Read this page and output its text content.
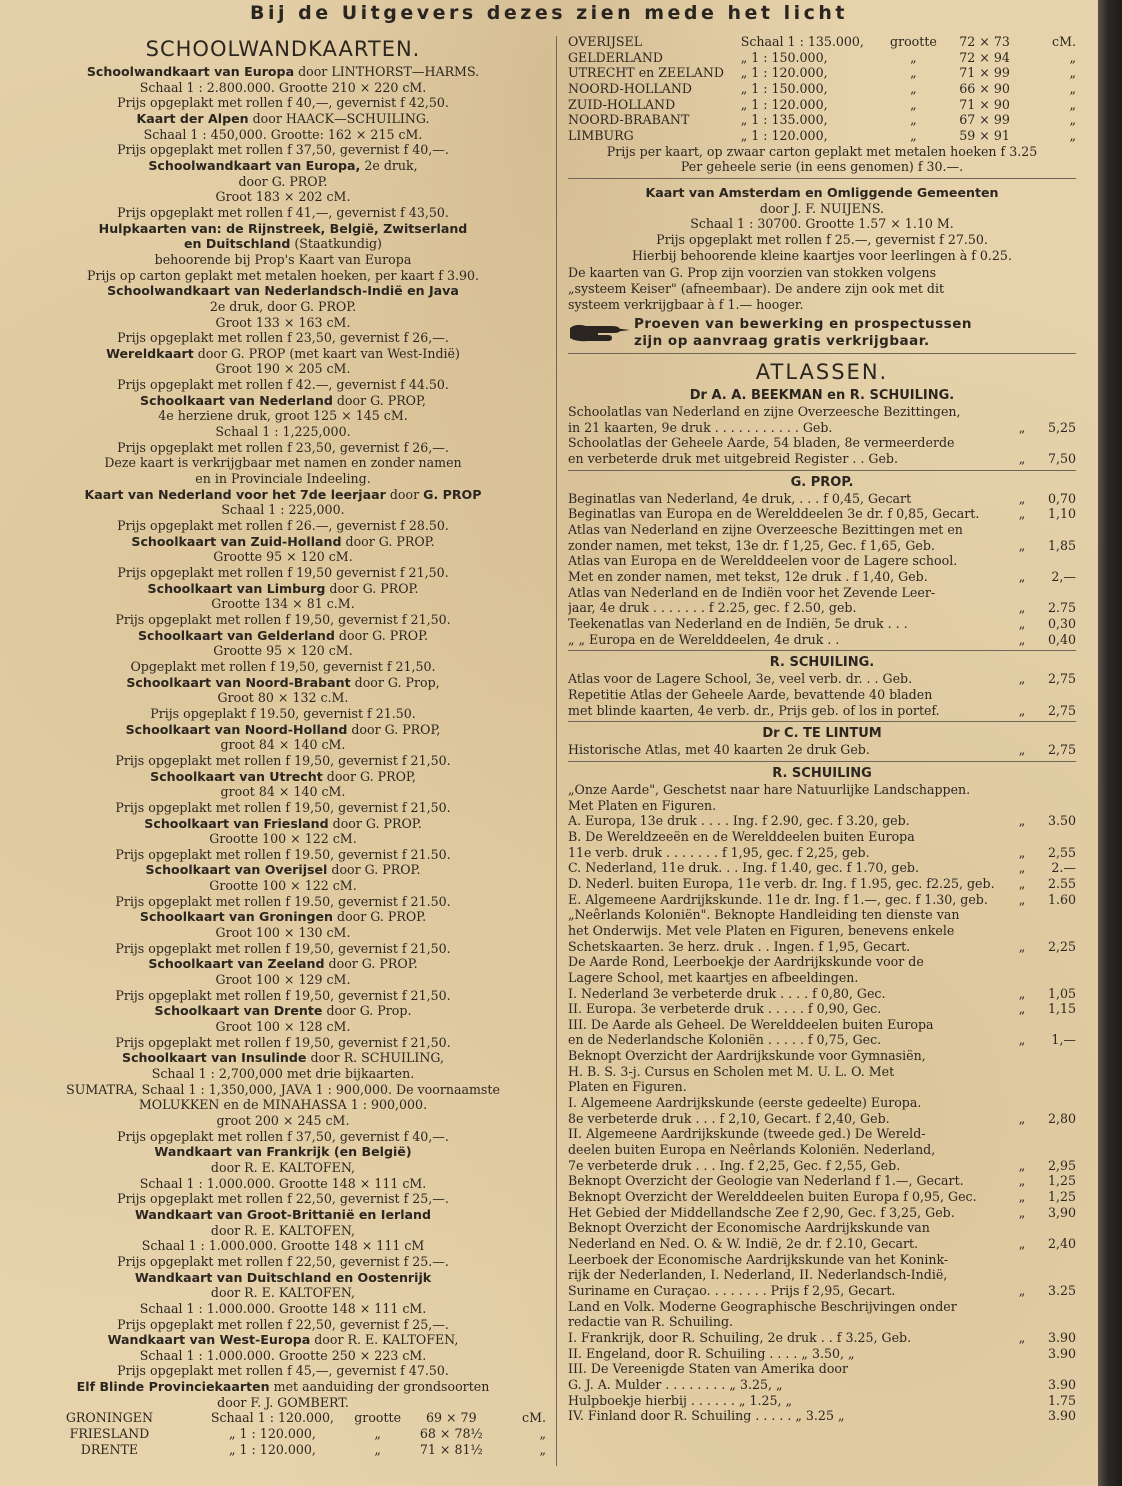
Bij de Uitgevers dezes zien mede het licht
SCHOOLWANDKAARTEN.
Schoolwandkaart van Europa door LINTHORST—HARMS.
Schaal 1 : 2.800.000. Grootte 210 × 220 cM.
Prijs opgeplakt met rollen f 40,—, gevernist f 42,50.
Kaart der Alpen door HAACK—SCHUILING.
Schaal 1 : 450,000. Grootte: 162 × 215 cM.
Prijs opgeplakt met rollen f 37,50, gevernist f 40,—.
Schoolwandkaart van Europa, 2e druk,
door G. PROP.
Groot 183 × 202 cM.
Prijs opgeplakt met rollen f 41,—, gevernist f 43,50.
Hulpkaarten van: de Rijnstreek, België, Zwitserland
en Duitschland (Staatkundig)
behoorende bij Prop's Kaart van Europa
Prijs op carton geplakt met metalen hoeken, per kaart f 3.90.
Schoolwandkaart van Nederlandsch-Indië en Java
2e druk, door G. PROP.
Groot 133 × 163 cM.
Prijs opgeplakt met rollen f 23,50, gevernist f 26,—.
Wereldkaart door G. PROP (met kaart van West-Indië)
Groot 190 × 205 cM.
Prijs opgeplakt met rollen f 42.—, gevernist f 44.50.
Schoolkaart van Nederland door G. PROP,
4e herziene druk, groot 125 × 145 cM.
Schaal 1 : 1,225,000.
Prijs opgeplakt met rollen f 23,50, gevernist f 26,—.
Deze kaart is verkrijgbaar met namen en zonder namen
en in Provinciale Indeeling.
Kaart van Nederland voor het 7de leerjaar door G. PROP
Schaal 1 : 225,000.
Prijs opgeplakt met rollen f 26.—, gevernist f 28.50.
Schoolkaart van Zuid-Holland door G. PROP.
Grootte 95 × 120 cM.
Prijs opgeplakt met rollen f 19,50 gevernist f 21,50.
Schoolkaart van Limburg door G. PROP.
Grootte 134 × 81 c.M.
Prijs opgeplakt met rollen f 19,50, gevernist f 21,50.
Schoolkaart van Gelderland door G. PROP.
Grootte 95 × 120 cM.
Opgeplakt met rollen f 19,50, gevernist f 21,50.
Schoolkaart van Noord-Brabant door G. Prop,
Groot 80 × 132 c.M.
Prijs opgeplakt f 19.50, gevernist f 21.50.
Schoolkaart van Noord-Holland door G. PROP,
groot 84 × 140 cM.
Prijs opgeplakt met rollen f 19,50, gevernist f 21,50.
Schoolkaart van Utrecht door G. PROP,
groot 84 × 140 cM.
Prijs opgeplakt met rollen f 19,50, gevernist f 21,50.
Schoolkaart van Friesland door G. PROP.
Grootte 100 × 122 cM.
Prijs opgeplakt met rollen f 19.50, gevernist f 21.50.
Schoolkaart van Overijsel door G. PROP.
Grootte 100 × 122 cM.
Prijs opgeplakt met rollen f 19.50, gevernist f 21.50.
Schoolkaart van Groningen door G. PROP.
Groot 100 × 130 cM.
Prijs opgeplakt met rollen f 19,50, gevernist f 21,50.
Schoolkaart van Zeeland door G. PROP.
Groot 100 × 129 cM.
Prijs opgeplakt met rollen f 19,50, gevernist f 21,50.
Schoolkaart van Drente door G. Prop.
Groot 100 × 128 cM.
Prijs opgeplakt met rollen f 19,50, gevernist f 21,50.
Schoolkaart van Insulinde door R. SCHUILING,
Schaal 1 : 2,700,000 met drie bijkaarten.
SUMATRA, Schaal 1 : 1,350,000, JAVA 1 : 900,000. De voornaamste
MOLUKKEN en de MINAHASSA 1 : 900,000.
groot 200 × 245 cM.
Prijs opgeplakt met rollen f 37,50, gevernist f 40,—.
Wandkaart van Frankrijk (en België)
door R. E. KALTOFEN,
Schaal 1 : 1.000.000. Grootte 148 × 111 cM.
Prijs opgeplakt met rollen f 22,50, gevernist f 25,—.
Wandkaart van Groot-Brittanië en Ierland
door R. E. KALTOFEN,
Schaal 1 : 1.000.000. Grootte 148 × 111 cM
Prijs opgeplakt met rollen f 22,50, gevernist f 25.—.
Wandkaart van Duitschland en Oostenrijk
door R. E. KALTOFEN,
Schaal 1 : 1.000.000. Grootte 148 × 111 cM.
Prijs opgeplakt met rollen f 22,50, gevernist f 25,—.
Wandkaart van West-Europa door R. E. KALTOFEN,
Schaal 1 : 1.000.000. Grootte 250 × 223 cM.
Prijs opgeplakt met rollen f 45,—, gevernist f 47.50.
Elf Blinde Provinciekaarten met aanduiding der grondsoorten
door F. J. GOMBERT.
GRONINGEN	Schaal 1 : 120.000,	grootte	69 × 79	cM.
FRIESLAND	„ 1 : 120.000,	„	68 × 78½	„
DRENTE	„ 1 : 120.000,	„	71 × 81½	„
OVERIJSEL	Schaal 1 : 135.000,	grootte	72 × 73	cM.
GELDERLAND	„ 1 : 150.000,	„	72 × 94	„
UTRECHT en ZEELAND	„ 1 : 120.000,	„	71 × 99	„
NOORD-HOLLAND	„ 1 : 150.000,	„	66 × 90	„
ZUID-HOLLAND	„ 1 : 120.000,	„	71 × 90	„
NOORD-BRABANT	„ 1 : 135.000,	„	67 × 99	„
LIMBURG	„ 1 : 120.000,	„	59 × 91	„
Prijs per kaart, op zwaar carton geplakt met metalen hoeken f 3.25
Per geheele serie (in eens genomen) f 30.—.
Kaart van Amsterdam en Omliggende Gemeenten
door J. F. NUIJENS.
Schaal 1 : 30700. Grootte 1.57 × 1.10 M.
Prijs opgeplakt met rollen f 25.—, gevernist f 27.50.
Hierbij behoorende kleine kaartjes voor leerlingen à f 0.25.
De kaarten van G. Prop zijn voorzien van stokken volgens
„systeem Keiser" (afneembaar). De andere zijn ook met dit
systeem verkrijgbaar à f 1.— hooger.
Proeven van bewerking en prospectussen
zijn op aanvraag gratis verkrijgbaar.
ATLASSEN.
Dr A. A. BEEKMAN en R. SCHUILING.
Schoolatlas van Nederland en zijne Overzeesche Bezittingen,
in 21 kaarten, 9e druk . . . . . . . . . . . Geb.	„	5,25
Schoolatlas der Geheele Aarde, 54 bladen, 8e vermeerderde
en verbeterde druk met uitgebreid Register . . Geb.	„	7,50
G. PROP.
Beginatlas van Nederland, 4e druk, . . . f 0,45, Gecart	„	0,70
Beginatlas van Europa en de Werelddeelen 3e dr. f 0,85, Gecart.	„	1,10
Atlas van Nederland en zijne Overzeesche Bezittingen met en
zonder namen, met tekst, 13e dr. f 1,25, Gec. f 1,65, Geb.	„	1,85
Atlas van Europa en de Werelddeelen voor de Lagere school.
Met en zonder namen, met tekst, 12e druk . f 1,40, Geb.	„	2,—
Atlas van Nederland en de Indiën voor het Zevende Leer-
jaar, 4e druk . . . . . . . f 2.25, gec. f 2.50, geb.	„	2.75
Teekenatlas van Nederland en de Indiën, 5e druk . . .	„	0,30
„ „ Europa en de Werelddeelen, 4e druk . .	„	0,40
R. SCHUILING.
Atlas voor de Lagere School, 3e, veel verb. dr. . . Geb.	„	2,75
Repetitie Atlas der Geheele Aarde, bevattende 40 bladen
met blinde kaarten, 4e verb. dr., Prijs geb. of los in portef.	„	2,75
Dr C. TE LINTUM
Historische Atlas, met 40 kaarten 2e druk Geb.	„	2,75
R. SCHUILING
„Onze Aarde", Geschetst naar hare Natuurlijke Landschappen.
Met Platen en Figuren.
A. Europa, 13e druk . . . . Ing. f 2.90, gec. f 3.20, geb.	„	3.50
B. De Wereldzeeën en de Werelddeelen buiten Europa
11e verb. druk . . . . . . . f 1,95, gec. f 2,25, geb.	„	2,55
C. Nederland, 11e druk. . . Ing. f 1.40, gec. f 1.70, geb.	„	2.—
D. Nederl. buiten Europa, 11e verb. dr. Ing. f 1.95, gec. f2.25, geb.	„	2.55
E. Algemeene Aardrijkskunde. 11e dr. Ing. f 1.—, gec. f 1.30, geb.	„	1.60
„Neêrlands Koloniën". Beknopte Handleiding ten dienste van
het Onderwijs. Met vele Platen en Figuren, benevens enkele
Schetskaarten. 3e herz. druk . . Ingen. f 1,95, Gecart.	„	2,25
De Aarde Rond, Leerboekje der Aardrijkskunde voor de
Lagere School, met kaartjes en afbeeldingen.
I. Nederland 3e verbeterde druk . . . . f 0,80, Gec.	„	1,05
II. Europa. 3e verbeterde druk . . . . . f 0,90, Gec.	„	1,15
III. De Aarde als Geheel. De Werelddeelen buiten Europa
en de Nederlandsche Koloniën . . . . . f 0,75, Gec.	„	1,—
Beknopt Overzicht der Aardrijkskunde voor Gymnasiën,
H. B. S. 3-j. Cursus en Scholen met M. U. L. O. Met
Platen en Figuren.
I. Algemeene Aardrijkskunde (eerste gedeelte) Europa.
8e verbeterde druk . . . f 2,10, Gecart. f 2,40, Geb.	„	2,80
II. Algemeene Aardrijkskunde (tweede ged.) De Wereld-
deelen buiten Europa en Neêrlands Koloniën. Nederland,
7e verbeterde druk . . . Ing. f 2,25, Gec. f 2,55, Geb.	„	2,95
Beknopt Overzicht der Geologie van Nederland f 1.—, Gecart.	„	1,25
Beknopt Overzicht der Werelddeelen buiten Europa f 0,95, Gec.	„	1,25
Het Gebied der Middellandsche Zee f 2,90, Gec. f 3,25, Geb.	„	3,90
Beknopt Overzicht der Economische Aardrijkskunde van
Nederland en Ned. O. & W. Indië, 2e dr. f 2.10, Gecart.	„	2,40
Leerboek der Economische Aardrijkskunde van het Konink-
rijk der Nederlanden, I. Nederland, II. Nederlandsch-Indië,
Suriname en Curaçao. . . . . . . . Prijs f 2,95, Gecart.	„	3.25
Land en Volk. Moderne Geographische Beschrijvingen onder
redactie van R. Schuiling.
I. Frankrijk, door R. Schuiling, 2e druk . . f 3.25, Geb.	„	3.90
II. Engeland, door R. Schuiling . . . . „ 3.50, „	3.90
III. De Vereenigde Staten van Amerika door
G. J. A. Mulder . . . . . . . . „ 3.25, „	3.90
Hulpboekje hierbij . . . . . . „ 1.25, „	1.75
IV. Finland door R. Schuiling . . . . . „ 3.25 „	3.90
